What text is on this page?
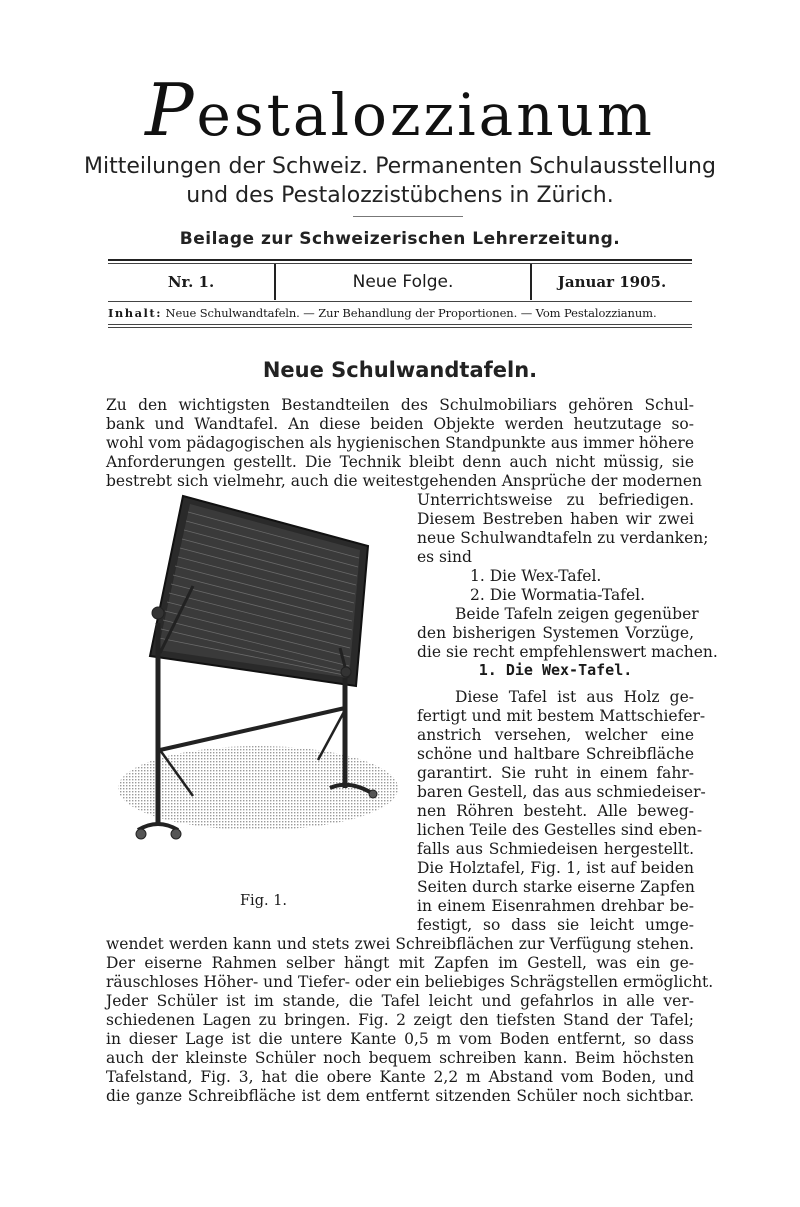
Pestalozzianum
Mitteilungen der Schweiz. Permanenten Schulausstellung
und des Pestalozzistübchens in Zürich.
Beilage zur Schweizerischen Lehrerzeitung.
Nr. 1.	Neue Folge.	Januar 1905.
Inhalt: Neue Schulwandtafeln. — Zur Behandlung der Proportionen. — Vom Pestalozzianum.
Neue Schulwandtafeln.
Zu den wichtigsten Bestandteilen des Schulmobiliars gehören Schul-
bank und Wandtafel. An diese beiden Objekte werden heutzutage so-
wohl vom pädagogischen als hygienischen Standpunkte aus immer höhere
Anforderungen gestellt. Die Technik bleibt denn auch nicht müssig, sie
bestrebt sich vielmehr, auch die weitestgehenden Ansprüche der modernen
Unterrichtsweise zu befriedigen.
Diesem Bestreben haben wir zwei
neue Schulwandtafeln zu verdanken;
es sind
1. Die Wex-Tafel.
2. Die Wormatia-Tafel.
Beide Tafeln zeigen gegenüber
den bisherigen Systemen Vorzüge,
die sie recht empfehlenswert machen.
1. Die Wex-Tafel.
Diese Tafel ist aus Holz ge-
fertigt und mit bestem Mattschiefer-
anstrich versehen, welcher eine
schöne und haltbare Schreibfläche
garantirt. Sie ruht in einem fahr-
baren Gestell, das aus schmiedeiser-
nen Röhren besteht. Alle beweg-
lichen Teile des Gestelles sind eben-
falls aus Schmiedeisen hergestellt.
Die Holztafel, Fig. 1, ist auf beiden
Seiten durch starke eiserne Zapfen
in einem Eisenrahmen drehbar be-
festigt, so dass sie leicht umge-
wendet werden kann und stets zwei Schreibflächen zur Verfügung stehen.
Der eiserne Rahmen selber hängt mit Zapfen im Gestell, was ein ge-
räuschloses Höher- und Tiefer- oder ein beliebiges Schrägstellen ermöglicht.
Jeder Schüler ist im stande, die Tafel leicht und gefahrlos in alle ver-
schiedenen Lagen zu bringen. Fig. 2 zeigt den tiefsten Stand der Tafel;
in dieser Lage ist die untere Kante 0,5 m vom Boden entfernt, so dass
auch der kleinste Schüler noch bequem schreiben kann. Beim höchsten
Tafelstand, Fig. 3, hat die obere Kante 2,2 m Abstand vom Boden, und
die ganze Schreibfläche ist dem entfernt sitzenden Schüler noch sichtbar.
Fig. 1.
